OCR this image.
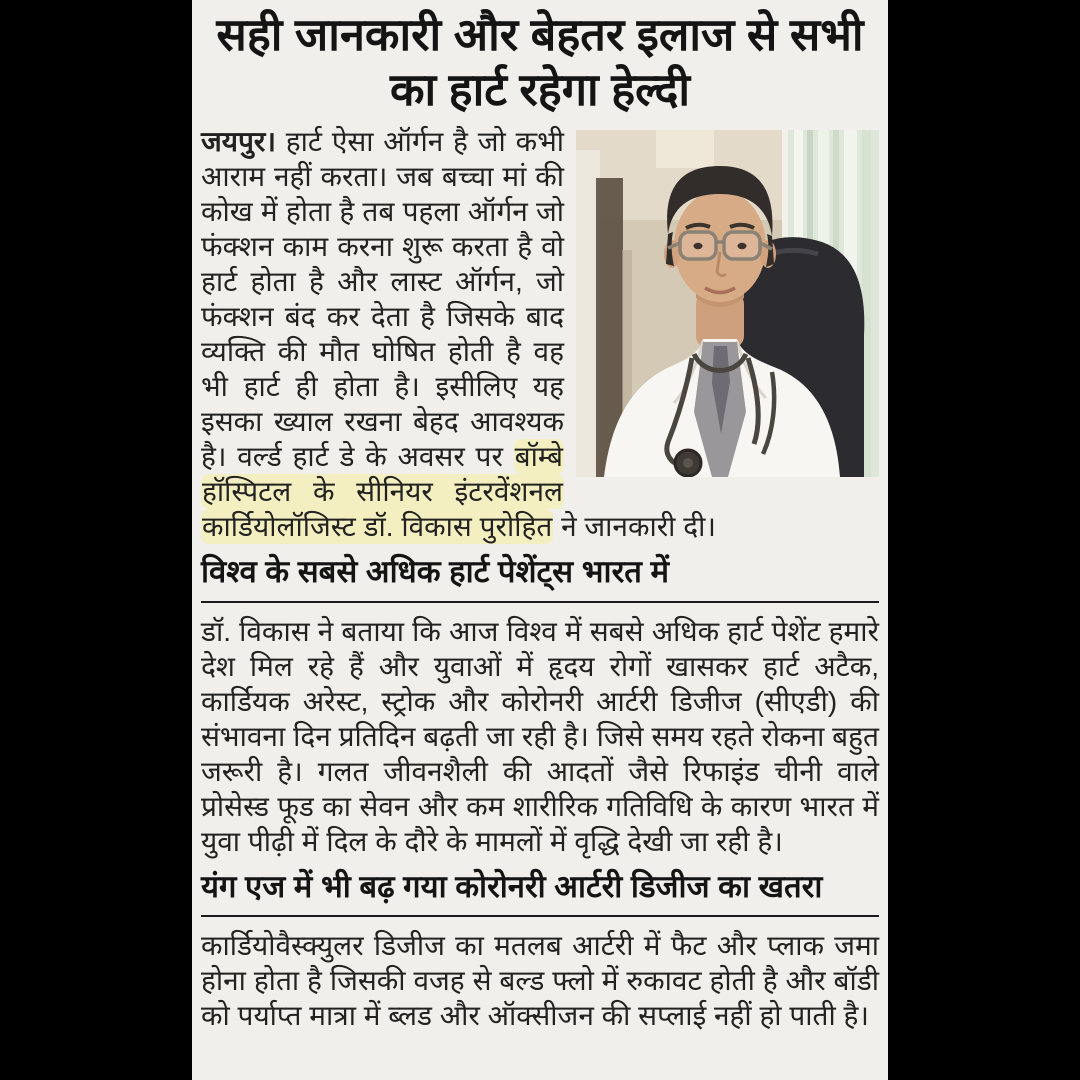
सही जानकारी और बेहतर इलाज से सभी का हार्ट रहेगा हेल्दी

जयपुर। हार्ट ऐसा ऑर्गन है जो कभी आराम नहीं करता। जब बच्चा मां की कोख में होता है तब पहला ऑर्गन जो फंक्शन काम करना शुरू करता है वो हार्ट होता है और लास्ट ऑर्गन, जो फंक्शन बंद कर देता है जिसके बाद व्यक्ति की मौत घोषित होती है वह भी हार्ट ही होता है। इसीलिए यह इसका ख्याल रखना बेहद आवश्यक है। वर्ल्ड हार्ट डे के अवसर पर बॉम्बे हॉस्पिटल के सीनियर इंटरवेंशनल कार्डियोलॉजिस्ट डॉ. विकास पुरोहित ने जानकारी दी।

विश्व के सबसे अधिक हार्ट पेशेंट्स भारत में

डॉ. विकास ने बताया कि आज विश्व में सबसे अधिक हार्ट पेशेंट हमारे देश मिल रहे हैं और युवाओं में हृदय रोगों खासकर हार्ट अटैक, कार्डियक अरेस्ट, स्ट्रोक और कोरोनरी आर्टरी डिजीज (सीएडी) की संभावना दिन प्रतिदिन बढ़ती जा रही है। जिसे समय रहते रोकना बहुत जरूरी है। गलत जीवनशैली की आदतों जैसे रिफाइंड चीनी वाले प्रोसेस्ड फूड का सेवन और कम शारीरिक गतिविधि के कारण भारत में युवा पीढ़ी में दिल के दौरे के मामलों में वृद्धि देखी जा रही है।

यंग एज में भी बढ़ गया कोरोनरी आर्टरी डिजीज का खतरा

कार्डियोवैस्क्युलर डिजीज का मतलब आर्टरी में फैट और प्लाक जमा होना होता है जिसकी वजह से बल्ड फ्लो में रुकावट होती है और बॉडी को पर्याप्त मात्रा में ब्लड और ऑक्सीजन की सप्लाई नहीं हो पाती है।
